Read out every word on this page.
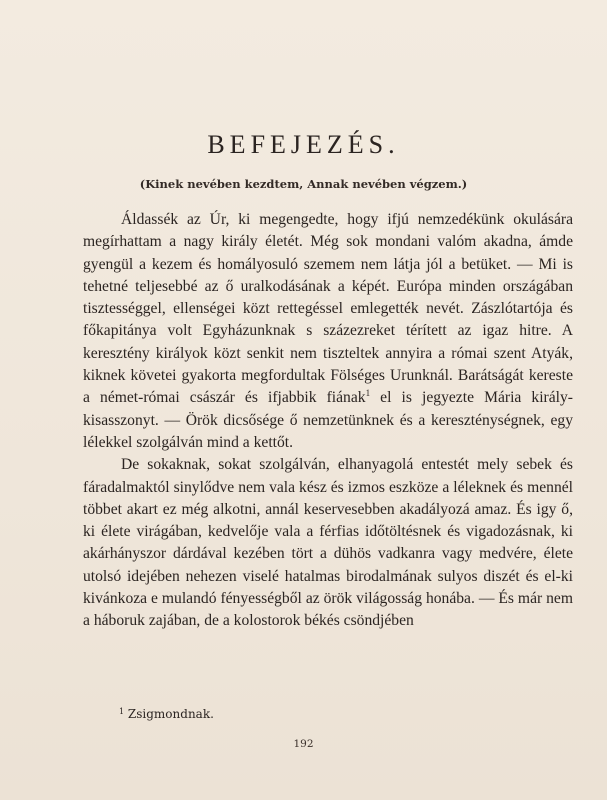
BEFEJEZÉS.
(Kinek nevében kezdtem, Annak nevében végzem.)

Áldassék az Úr, ki megengedte, hogy ifjú nemzedékünk okulására megírhattam a nagy király életét. Még sok mondani valóm akadna, ámde gyengül a kezem és homályosuló szemem nem látja jól a betüket. — Mi is tehetné teljesebbé az ő uralkodásának a képét. Európa minden országában tisztességgel, ellenségei közt rettegéssel emlegették nevét. Zászlótartója és főkapitánya volt Egyházunknak s százezreket térített az igaz hitre. A keresztény királyok közt senkit nem tiszteltek annyira a római szent Atyák, kiknek követei gyakorta megfordultak Fölséges Urunknál. Barátságát kereste a német-római császár és ifjabbik fiának$^1$ el is jegyezte Mária király-kisasszonyt. — Örök dicsősége ő nemzetünknek és a kereszténységnek, egy lélekkel szolgálván mind a kettőt.

De sokaknak, sokat szolgálván, elhanyagolá entestét mely sebek és fáradalmaktól sinylődve nem vala kész és izmos eszköze a léleknek és mennél többet akart ez még alkotni, annál keservesebben akadályozá amaz. És igy ő, ki élete virágában, kedvelője vala a férfias időtöltésnek és vigadozásnak, ki akárhányszor dárdával kezében tört a dühös vadkanra vagy medvére, élete utolsó idejében nehezen viselé hatalmas birodalmának sulyos diszét és el-ki kivánkoza e mulandó fényességből az örök világosság honába. — És már nem a háboruk zajában, de a kolostorok békés csöndjében

$^1$ Zsigmondnak.
192
